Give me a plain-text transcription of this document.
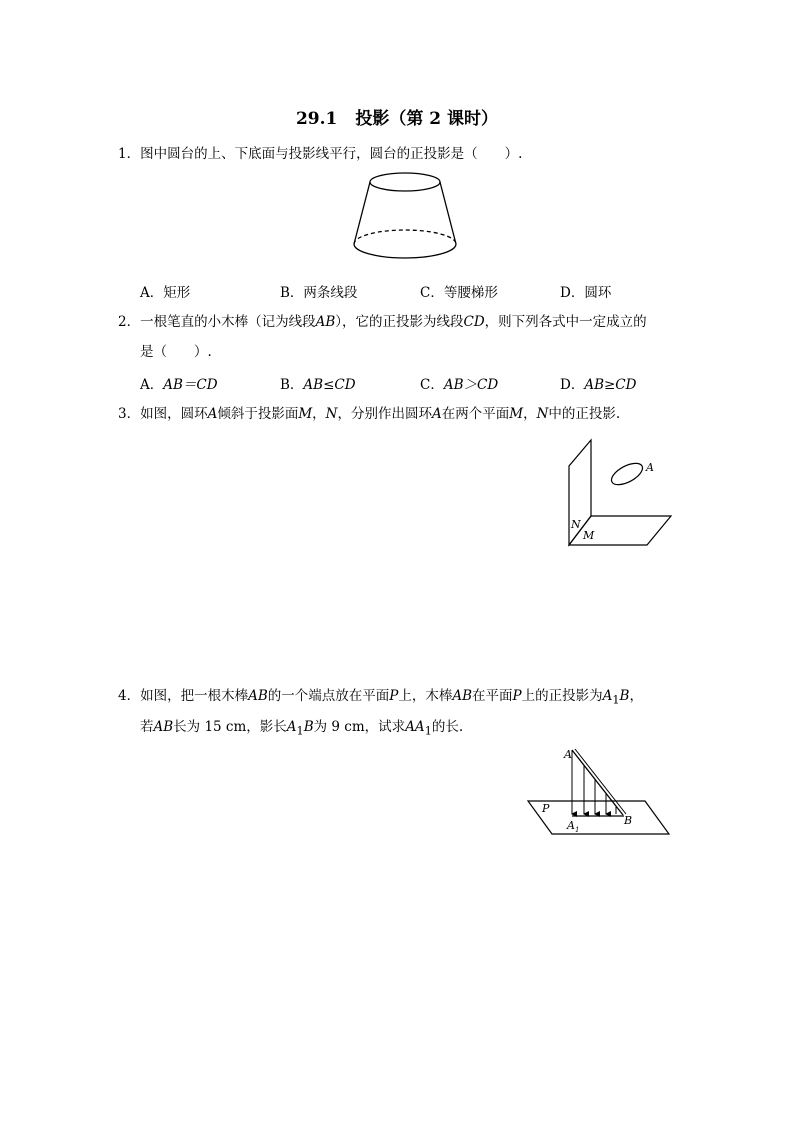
29.1 投影（第 2 课时）
1．图中圆台的上、下底面与投影线平行，圆台的正投影是（　　）.
A．矩形	B．两条线段	C．等腰梯形	D．圆环
2．一根笔直的小木棒（记为线段AB），它的正投影为线段CD，则下列各式中一定成立的
是（　　）.
A．AB＝CD	B．AB≤CD	C．AB＞CD	D．AB≥CD
3．如图，圆环A倾斜于投影面M，N，分别作出圆环A在两个平面M，N中的正投影.
A
N
M
4．如图，把一根木棒AB的一个端点放在平面P上，木棒AB在平面P上的正投影为$A_1B$，
若AB长为 15 cm，影长$A_1B$为 9 cm，试求$AA_1$的长.
A
P
A 1
B
